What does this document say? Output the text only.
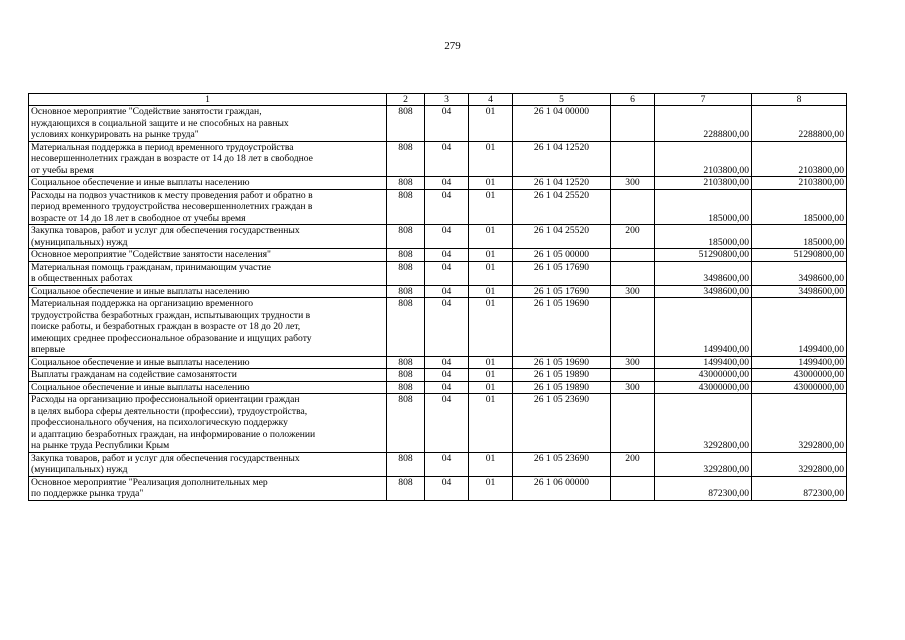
279
1	2	3	4	5	6	7	8

Основное мероприятие "Содействие занятости граждан,
нуждающихся в социальной защите и не способных на равных
условиях конкурировать на рынке труда"	808	04	01	26 1 04 00000		2288800,00	2288800,00

Материальная поддержка в период временного трудоустройства
несовершеннолетних граждан в возрасте от 14 до 18 лет в свободное
от учебы время	808	04	01	26 1 04 12520		2103800,00	2103800,00

Социальное обеспечение и иные выплаты населению	808	04	01	26 1 04 12520	300	2103800,00	2103800,00

Расходы на подвоз участников к месту проведения работ и обратно в
период временного трудоустройства несовершеннолетних граждан в
возрасте от 14 до 18 лет в свободное от учебы время	808	04	01	26 1 04 25520		185000,00	185000,00

Закупка товаров, работ и услуг для обеспечения государственных
(муниципальных) нужд	808	04	01	26 1 04 25520	200	185000,00	185000,00

Основное мероприятие "Содействие занятости населения"	808	04	01	26 1 05 00000		51290800,00	51290800,00

Материальная помощь гражданам, принимающим участие
в общественных работах	808	04	01	26 1 05 17690		3498600,00	3498600,00

Социальное обеспечение и иные выплаты населению	808	04	01	26 1 05 17690	300	3498600,00	3498600,00

Материальная поддержка на организацию временного
трудоустройства безработных граждан, испытывающих трудности в
поиске работы, и безработных граждан в возрасте от 18 до 20 лет,
имеющих среднее профессиональное образование и ищущих работу
впервые	808	04	01	26 1 05 19690		1499400,00	1499400,00

Социальное обеспечение и иные выплаты населению	808	04	01	26 1 05 19690	300	1499400,00	1499400,00

Выплаты гражданам на содействие самозанятости	808	04	01	26 1 05 19890		43000000,00	43000000,00

Социальное обеспечение и иные выплаты населению	808	04	01	26 1 05 19890	300	43000000,00	43000000,00

Расходы на организацию профессиональной ориентации граждан
в целях выбора сферы деятельности (профессии), трудоустройства,
профессионального обучения, на психологическую поддержку
и адаптацию безработных граждан, на информирование о положении
на рынке труда Республики Крым	808	04	01	26 1 05 23690		3292800,00	3292800,00

Закупка товаров, работ и услуг для обеспечения государственных
(муниципальных) нужд	808	04	01	26 1 05 23690	200	3292800,00	3292800,00

Основное мероприятие "Реализация дополнительных мер
по поддержке рынка труда"	808	04	01	26 1 06 00000		872300,00	872300,00
